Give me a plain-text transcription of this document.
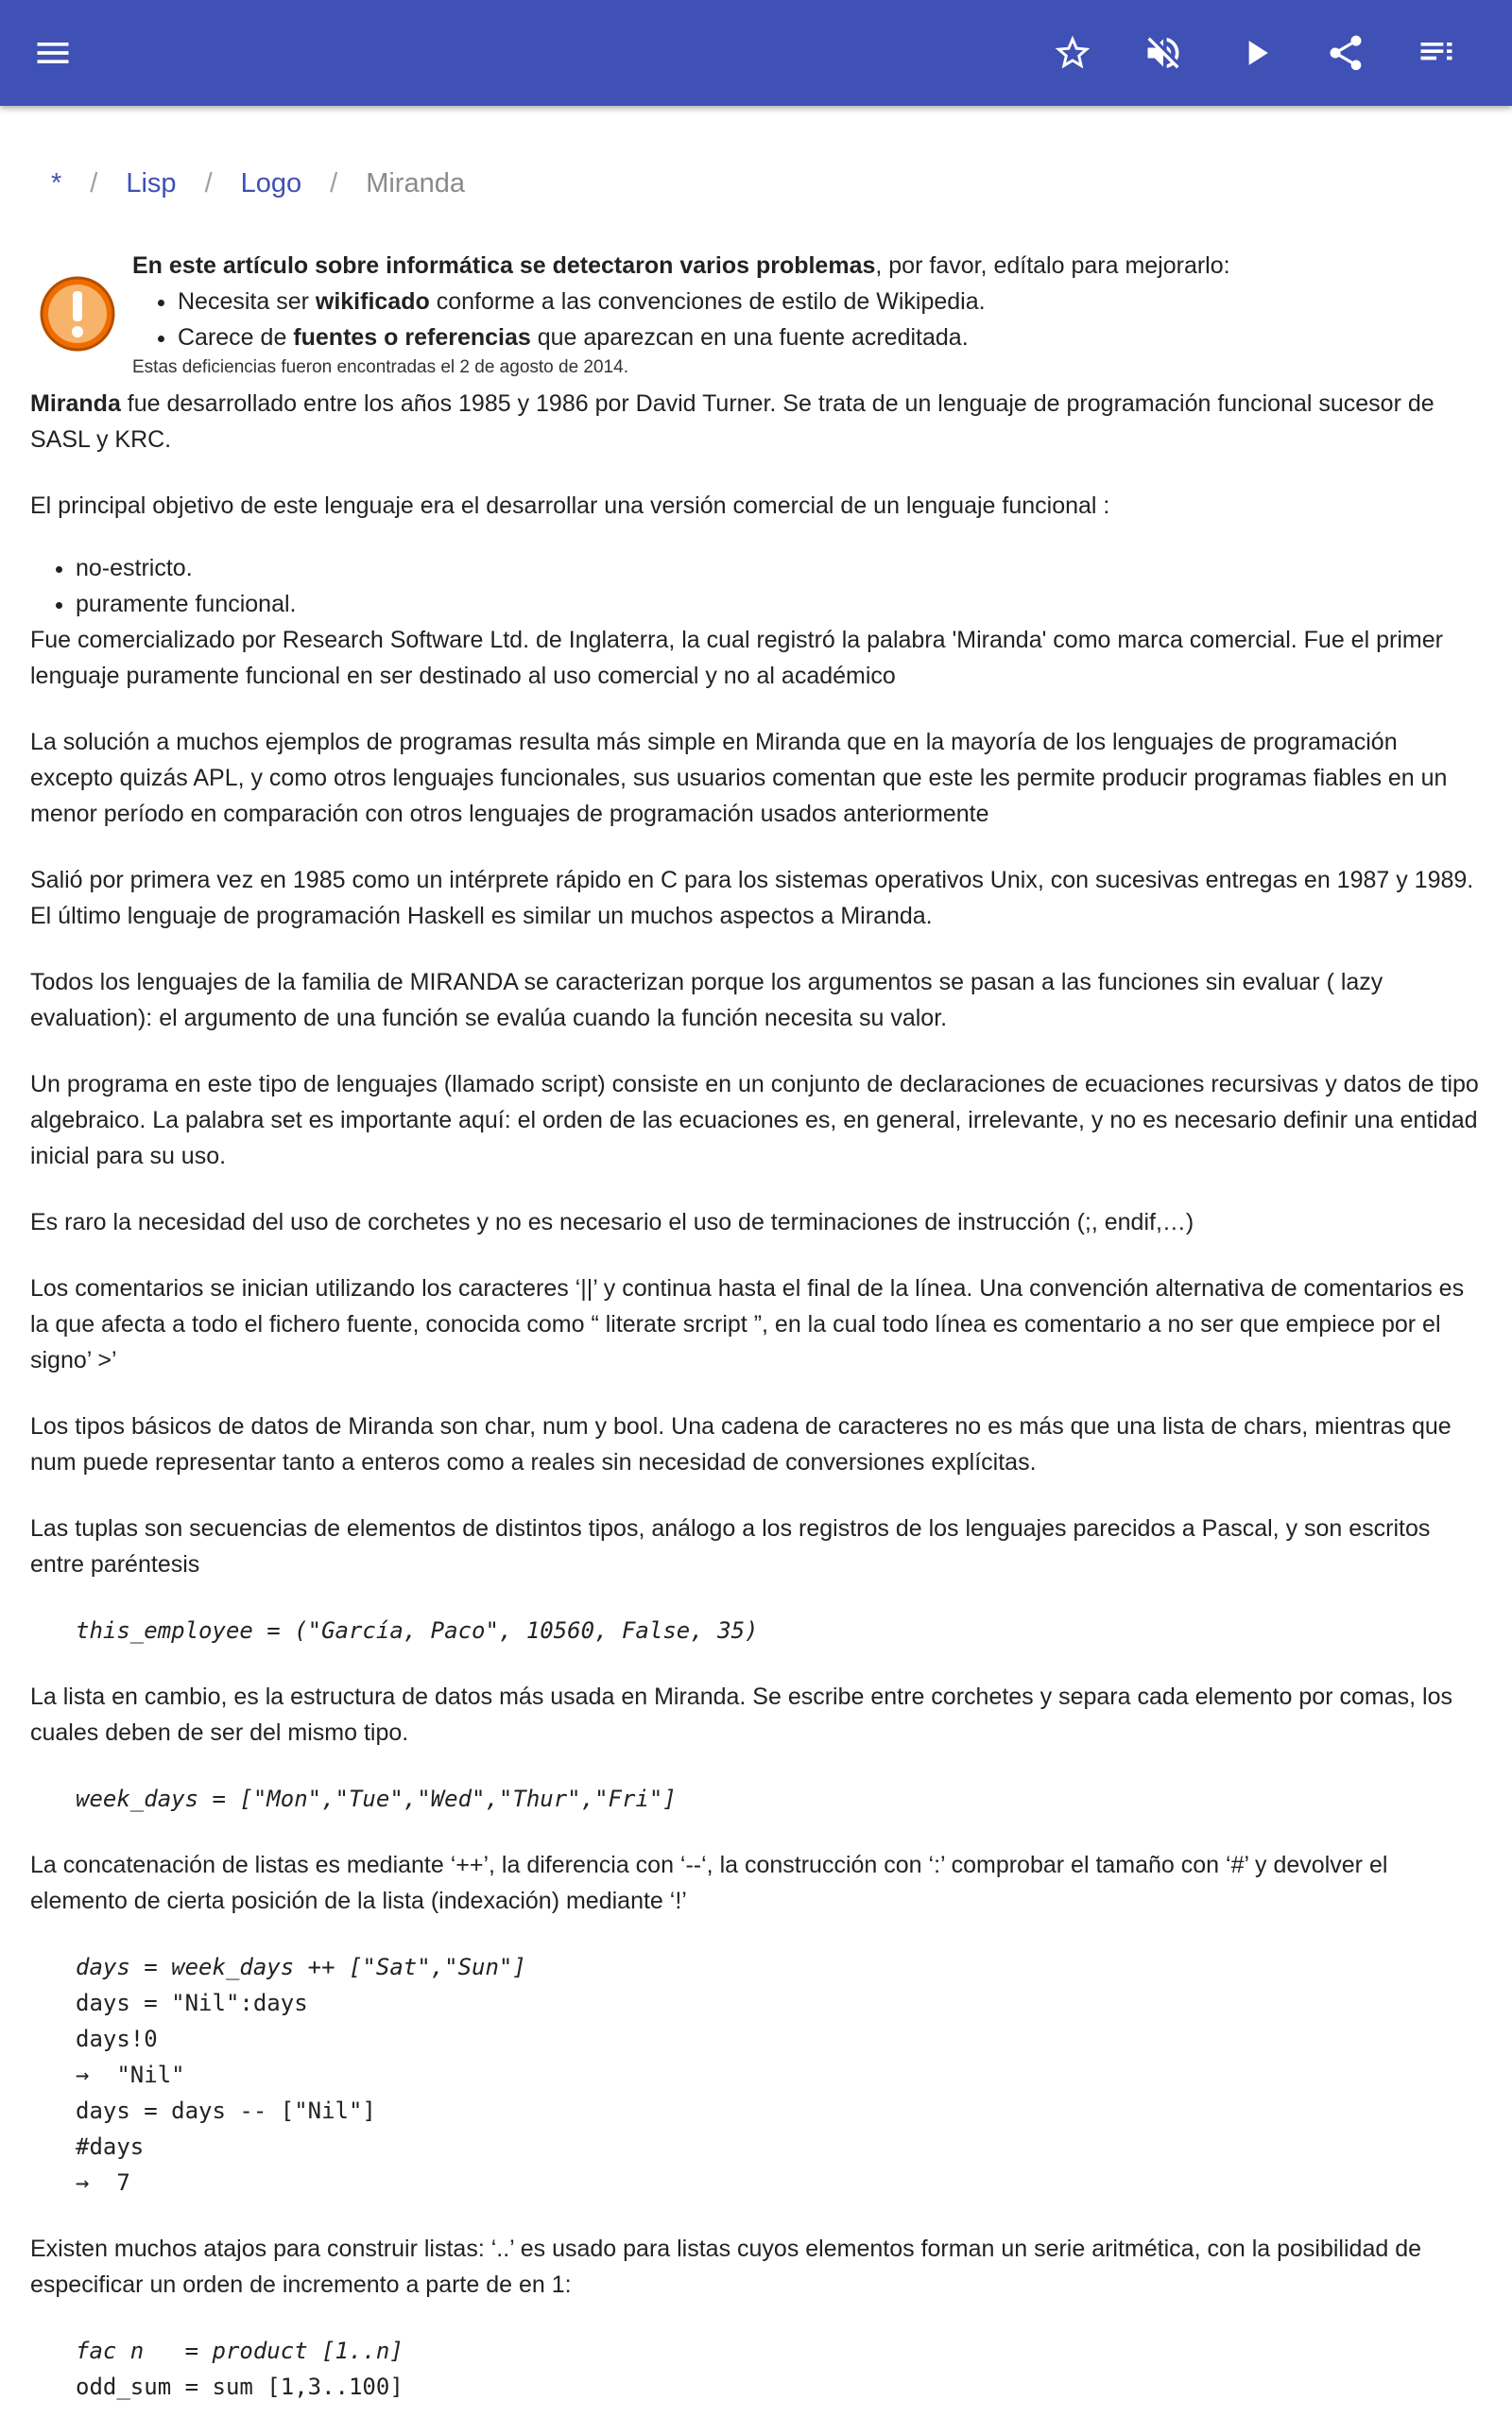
* / Lisp / Logo / Miranda
En este artículo sobre informática se detectaron varios problemas, por favor, edítalo para mejorarlo:
• Necesita ser wikificado conforme a las convenciones de estilo de Wikipedia.
• Carece de fuentes o referencias que aparezcan en una fuente acreditada.
Estas deficiencias fueron encontradas el 2 de agosto de 2014.

Miranda fue desarrollado entre los años 1985 y 1986 por David Turner. Se trata de un lenguaje de programación funcional sucesor de SASL y KRC.

El principal objetivo de este lenguaje era el desarrollar una versión comercial de un lenguaje funcional :

• no-estricto.
• puramente funcional.

Fue comercializado por Research Software Ltd. de Inglaterra, la cual registró la palabra 'Miranda' como marca comercial. Fue el primer lenguaje puramente funcional en ser destinado al uso comercial y no al académico

La solución a muchos ejemplos de programas resulta más simple en Miranda que en la mayoría de los lenguajes de programación excepto quizás APL, y como otros lenguajes funcionales, sus usuarios comentan que este les permite producir programas fiables en un menor período en comparación con otros lenguajes de programación usados anteriormente

Salió por primera vez en 1985 como un intérprete rápido en C para los sistemas operativos Unix, con sucesivas entregas en 1987 y 1989. El último lenguaje de programación Haskell es similar un muchos aspectos a Miranda.

Todos los lenguajes de la familia de MIRANDA se caracterizan porque los argumentos se pasan a las funciones sin evaluar ( lazy evaluation): el argumento de una función se evalúa cuando la función necesita su valor.

Un programa en este tipo de lenguajes (llamado script) consiste en un conjunto de declaraciones de ecuaciones recursivas y datos de tipo algebraico. La palabra set es importante aquí: el orden de las ecuaciones es, en general, irrelevante, y no es necesario definir una entidad inicial para su uso.

Es raro la necesidad del uso de corchetes y no es necesario el uso de terminaciones de instrucción (;, endif,…)

Los comentarios se inician utilizando los caracteres ‘||’ y continua hasta el final de la línea. Una convención alternativa de comentarios es la que afecta a todo el fichero fuente, conocida como “ literate srcript ”, en la cual todo línea es comentario a no ser que empiece por el signo’ >’

Los tipos básicos de datos de Miranda son char, num y bool. Una cadena de caracteres no es más que una lista de chars, mientras que num puede representar tanto a enteros como a reales sin necesidad de conversiones explícitas.

Las tuplas son secuencias de elementos de distintos tipos, análogo a los registros de los lenguajes parecidos a Pascal, y son escritos entre paréntesis

this_employee = ("García, Paco", 10560, False, 35)

La lista en cambio, es la estructura de datos más usada en Miranda. Se escribe entre corchetes y separa cada elemento por comas, los cuales deben de ser del mismo tipo.

week_days = ["Mon","Tue","Wed","Thur","Fri"]

La concatenación de listas es mediante ‘++’, la diferencia con ‘--‘, la construcción con ‘:’ comprobar el tamaño con ‘#’ y devolver el elemento de cierta posición de la lista (indexación) mediante ‘!’

days = week_days ++ ["Sat","Sun"]
days = "Nil":days
days!0
→  "Nil"
days = days -- ["Nil"]
#days
→  7

Existen muchos atajos para construir listas: ‘..’ es usado para listas cuyos elementos forman un serie aritmética, con la posibilidad de especificar un orden de incremento a parte de en 1:

fac n   = product [1..n]
odd_sum = sum [1,3..100]
